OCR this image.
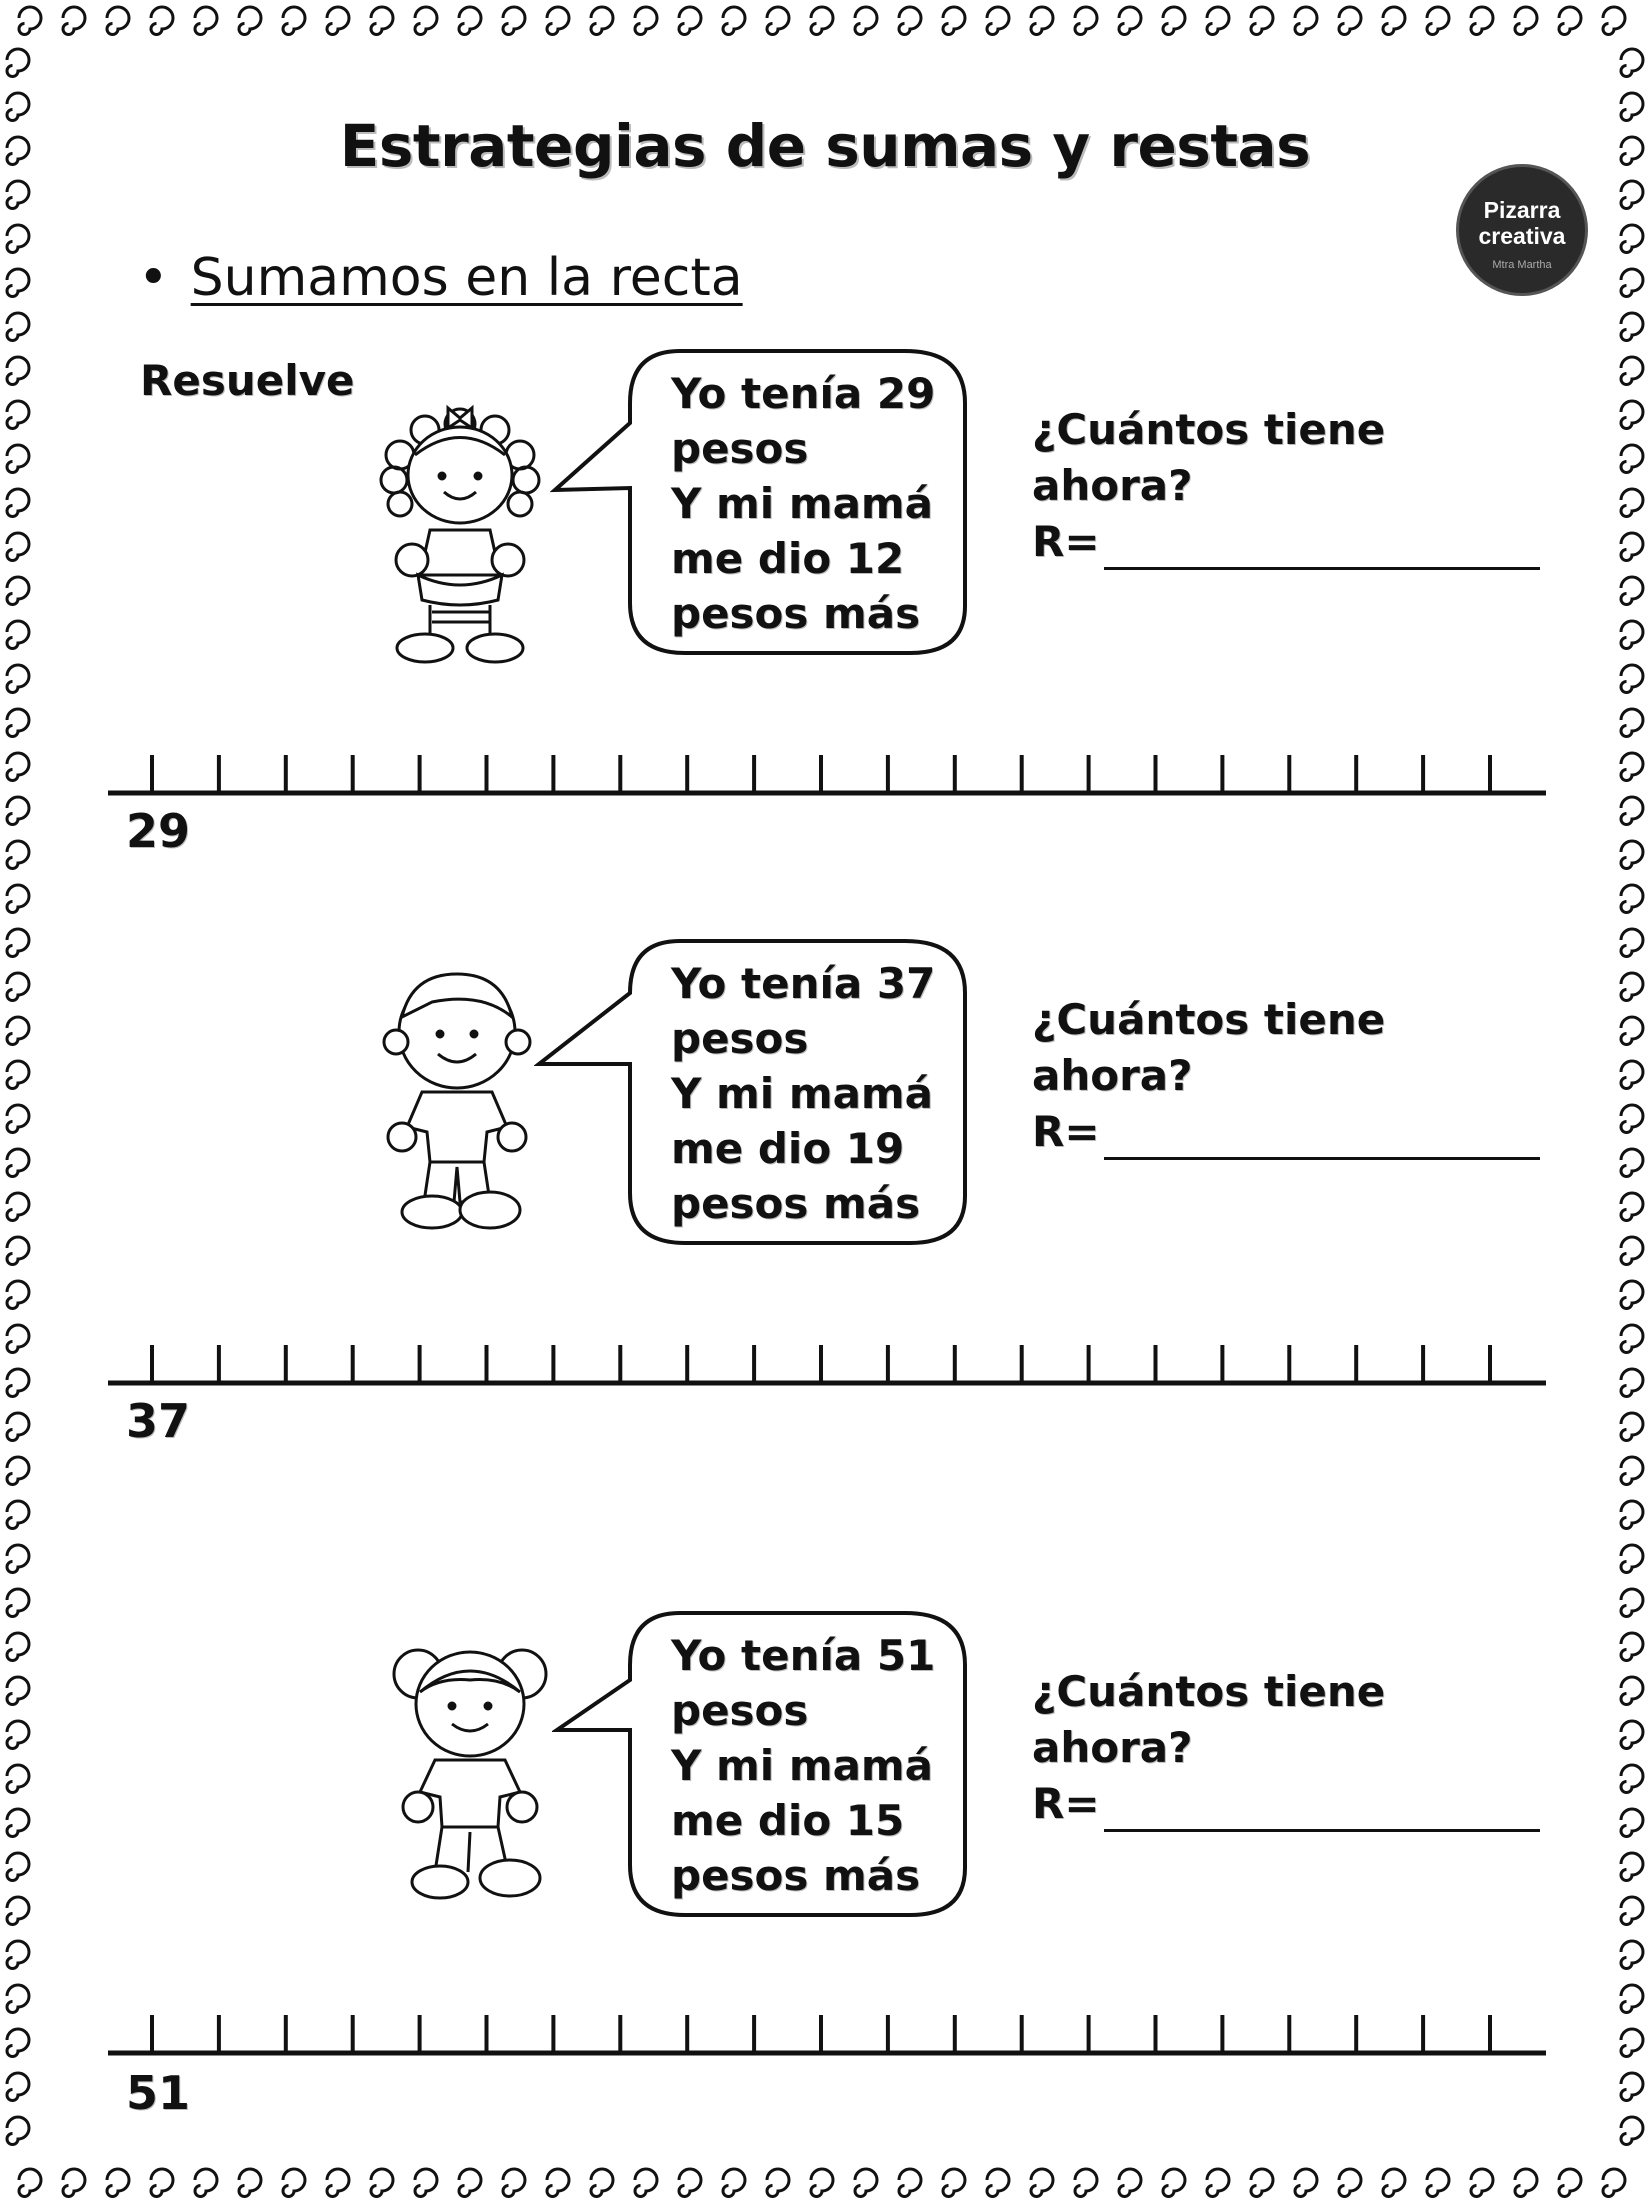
Estrategias de sumas y restas
Pizarra
creativa
Mtra Martha
• Sumamos en la recta
Resuelve	Yo tenía 29
pesos
Y mi mamá
me dio 12
pesos más
¿Cuántos tiene
ahora?
R=
29
Yo tenía 37
pesos
Y mi mamá
me dio 19
pesos más
¿Cuántos tiene
ahora?
R=
37
Yo tenía 51
pesos
Y mi mamá
me dio 15
pesos más
¿Cuántos tiene
ahora?
R=
51
